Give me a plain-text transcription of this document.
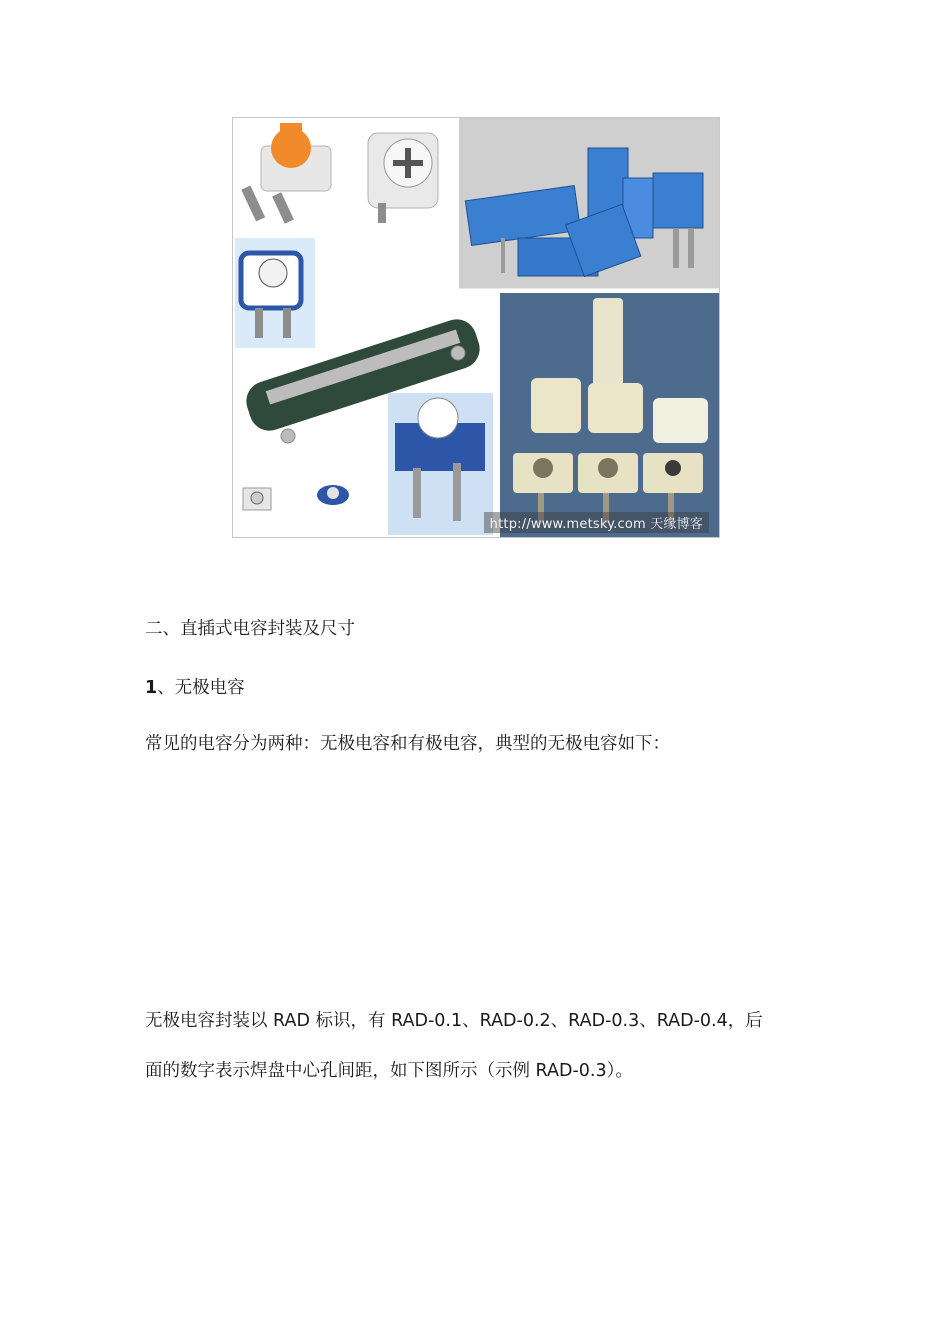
http://www.metsky.com 天缘博客
二、直插式电容封装及尺寸
1、无极电容
常见的电容分为两种：无极电容和有极电容，典型的无极电容如下：
无极电容封装以 RAD 标识，有 RAD-0.1、RAD-0.2、RAD-0.3、RAD-0.4，后
面的数字表示焊盘中心孔间距，如下图所示（示例 RAD-0.3）。
